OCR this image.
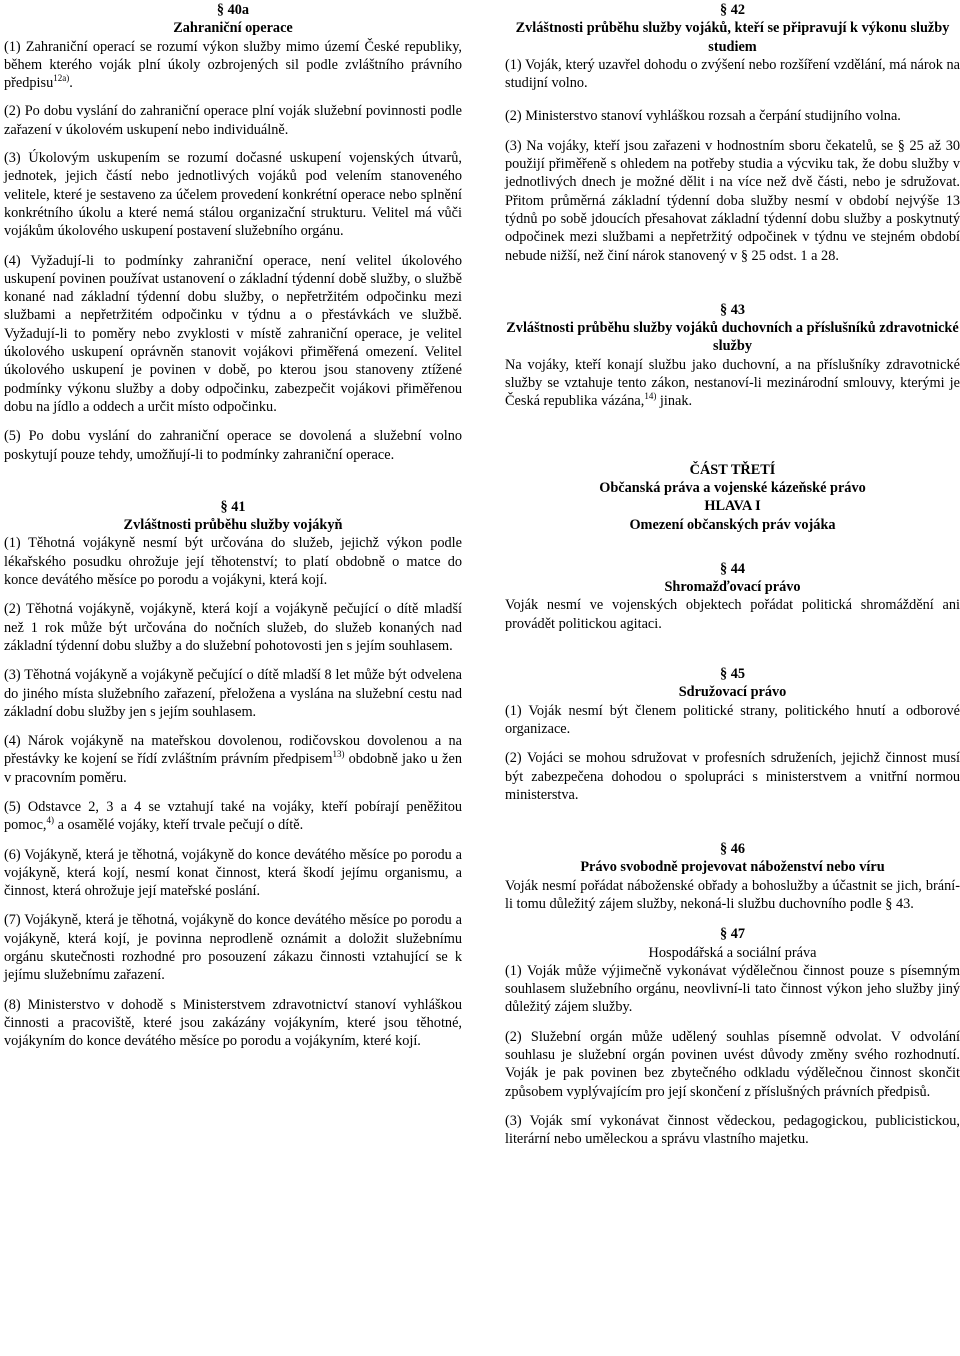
§ 40a
Zahraniční operace

(1) Zahraniční operací se rozumí výkon služby mimo území České republiky, během kterého voják plní úkoly ozbrojených sil podle zvláštního právního předpisu$^{12a)}$.

(2) Po dobu vyslání do zahraniční operace plní voják služební povinnosti podle zařazení v úkolovém uskupení nebo individuálně.

(3) Úkolovým uskupením se rozumí dočasné uskupení vojenských útvarů, jednotek, jejich částí nebo jednotlivých vojáků pod velením stanoveného velitele, které je sestaveno za účelem provedení konkrétní operace nebo splnění konkrétního úkolu a které nemá stálou organizační strukturu. Velitel má vůči vojákům úkolového uskupení postavení služebního orgánu.

(4) Vyžadují-li to podmínky zahraniční operace, není velitel úkolového uskupení povinen používat ustanovení o základní týdenní době služby, o službě konané nad základní týdenní dobu služby, o nepřetržitém odpočinku mezi službami a nepřetržitém odpočinku v týdnu a o přestávkách ve službě. Vyžadují-li to poměry nebo zvyklosti v místě zahraniční operace, je velitel úkolového uskupení oprávněn stanovit vojákovi přiměřená omezení. Velitel úkolového uskupení je povinen v době, po kterou jsou stanoveny ztížené podmínky výkonu služby a doby odpočinku, zabezpečit vojákovi přiměřenou dobu na jídlo a oddech a určit místo odpočinku.

(5) Po dobu vyslání do zahraniční operace se dovolená a služební volno poskytují pouze tehdy, umožňují-li to podmínky zahraniční operace.

§ 41
Zvláštnosti průběhu služby vojákyň

(1) Těhotná vojákyně nesmí být určována do služeb, jejichž výkon podle lékařského posudku ohrožuje její těhotenství; to platí obdobně o matce do konce devátého měsíce po porodu a vojákyni, která kojí.

(2) Těhotná vojákyně, vojákyně, která kojí a vojákyně pečující o dítě mladší než 1 rok může být určována do nočních služeb, do služeb konaných nad základní týdenní dobu služby a do služební pohotovosti jen s jejím souhlasem.

(3) Těhotná vojákyně a vojákyně pečující o dítě mladší 8 let může být odvelena do jiného místa služebního zařazení, přeložena a vyslána na služební cestu nad základní dobu služby jen s jejím souhlasem.

(4) Nárok vojákyně na mateřskou dovolenou, rodičovskou dovolenou a na přestávky ke kojení se řídí zvláštním právním předpisem$^{13)}$ obdobně jako u žen v pracovním poměru.

(5) Odstavce 2, 3 a 4 se vztahují také na vojáky, kteří pobírají peněžitou pomoc,$^{4)}$ a osamělé vojáky, kteří trvale pečují o dítě.

(6) Vojákyně, která je těhotná, vojákyně do konce devátého měsíce po porodu a vojákyně, která kojí, nesmí konat činnost, která škodí jejímu organismu, a činnost, která ohrožuje její mateřské poslání.

(7) Vojákyně, která je těhotná, vojákyně do konce devátého měsíce po porodu a vojákyně, která kojí, je povinna neprodleně oznámit a doložit služebnímu orgánu skutečnosti rozhodné pro posouzení zákazu činnosti vztahující se k jejímu služebnímu zařazení.

(8) Ministerstvo v dohodě s Ministerstvem zdravotnictví stanoví vyhláškou činnosti a pracoviště, které jsou zakázány vojákyním, které jsou těhotné, vojákyním do konce devátého měsíce po porodu a vojákyním, které kojí.

§ 42
Zvláštnosti průběhu služby vojáků, kteří se připravují k výkonu služby studiem

(1) Voják, který uzavřel dohodu o zvýšení nebo rozšíření vzdělání, má nárok na studijní volno.

(2) Ministerstvo stanoví vyhláškou rozsah a čerpání studijního volna.

(3) Na vojáky, kteří jsou zařazeni v hodnostním sboru čekatelů, se § 25 až 30 použijí přiměřeně s ohledem na potřeby studia a výcviku tak, že dobu služby v jednotlivých dnech je možné dělit i na více než dvě části, nebo je sdružovat. Přitom průměrná základní týdenní doba služby nesmí v období nejvýše 13 týdnů po sobě jdoucích přesahovat základní týdenní dobu služby a poskytnutý odpočinek mezi službami a nepřetržitý odpočinek v týdnu ve stejném období nebude nižší, než činí nárok stanovený v § 25 odst. 1 a 28.

§ 43
Zvláštnosti průběhu služby vojáků duchovních a příslušníků zdravotnické služby

Na vojáky, kteří konají službu jako duchovní, a na příslušníky zdravotnické služby se vztahuje tento zákon, nestanoví-li mezinárodní smlouvy, kterými je Česká republika vázána,$^{14)}$ jinak.

ČÁST TŘETÍ
Občanská práva a vojenské kázeňské právo
HLAVA I
Omezení občanských práv vojáka
§ 44
Shromažďovací právo

Voják nesmí ve vojenských objektech pořádat politická shromáždění ani provádět politickou agitaci.

§ 45
Sdružovací právo

(1) Voják nesmí být členem politické strany, politického hnutí a odborové organizace.

(2) Vojáci se mohou sdružovat v profesních sdruženích, jejichž činnost musí být zabezpečena dohodou o spolupráci s ministerstvem a vnitřní normou ministerstva.

§ 46
Právo svobodně projevovat náboženství nebo víru

Voják nesmí pořádat náboženské obřady a bohoslužby a účastnit se jich, brání-li tomu důležitý zájem služby, nekoná-li službu duchovního podle § 43.

§ 47
Hospodářská a sociální práva

(1) Voják může výjimečně vykonávat výdělečnou činnost pouze s písemným souhlasem služebního orgánu, neovlivní-li tato činnost výkon jeho služby jiný důležitý zájem služby.

(2) Služební orgán může udělený souhlas písemně odvolat. V odvolání souhlasu je služební orgán povinen uvést důvody změny svého rozhodnutí. Voják je pak povinen bez zbytečného odkladu výdělečnou činnost skončit způsobem vyplývajícím pro její skončení z příslušných právních předpisů.

(3) Voják smí vykonávat činnost vědeckou, pedagogickou, publicistickou, literární nebo uměleckou a správu vlastního majetku.
